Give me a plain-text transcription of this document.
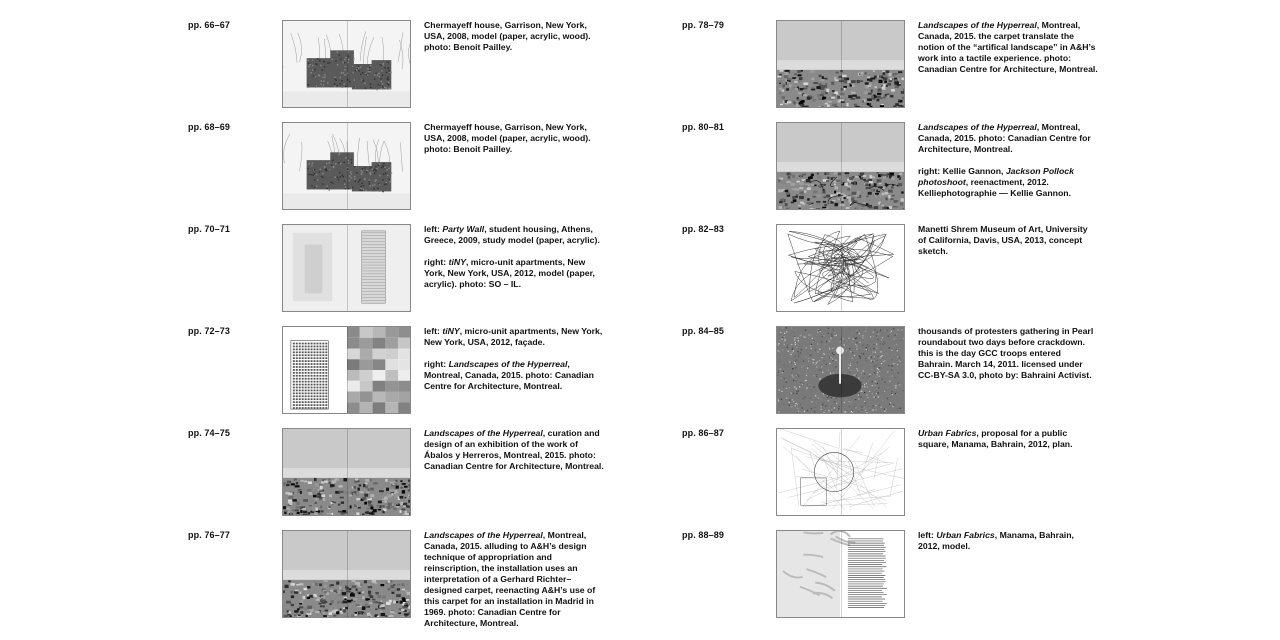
pp. 66–67	Chermayeff house, Garrison, New York, USA, 2008, model (paper, acrylic, wood). photo: Benoit Pailley.

pp. 68–69	Chermayeff house, Garrison, New York, USA, 2008, model (paper, acrylic, wood). photo: Benoit Pailley.

pp. 70–71	left: Party Wall, student housing, Athens, Greece, 2009, study model (paper, acrylic).

right: tiNY, micro-unit apartments, New York, New York, USA, 2012, model (paper, acrylic). photo: SO – IL.

pp. 72–73	left: tiNY, micro-unit apartments, New York, New York, USA, 2012, façade.

right: Landscapes of the Hyperreal, Montreal, Canada, 2015. photo: Canadian Centre for Architecture, Montreal.

pp. 74–75	Landscapes of the Hyperreal, curation and design of an exhibition of the work of Ábalos y Herreros, Montreal, 2015. photo: Canadian Centre for Architecture, Montreal.

pp. 76–77	Landscapes of the Hyperreal, Montreal, Canada, 2015. alluding to A&H’s design technique of appropriation and reinscription, the installation uses an interpretation of a Gerhard Richter–designed carpet, reenacting A&H’s use of this carpet for an installation in Madrid in 1969. photo: Canadian Centre for Architecture, Montreal.

pp. 78–79	Landscapes of the Hyperreal, Montreal, Canada, 2015. the carpet translate the notion of the “artifical landscape” in A&H’s work into a tactile experience. photo: Canadian Centre for Architecture, Montreal.

pp. 80–81	Landscapes of the Hyperreal, Montreal, Canada, 2015. photo: Canadian Centre for Architecture, Montreal.

right: Kellie Gannon, Jackson Pollock photoshoot, reenactment, 2012. Kelliephotographie — Kellie Gannon.

pp. 82–83	Manetti Shrem Museum of Art, University of California, Davis, USA, 2013, concept sketch.

pp. 84–85	thousands of protesters gathering in Pearl roundabout two days before crackdown. this is the day GCC troops entered Bahrain. March 14, 2011. licensed under CC-BY-SA 3.0, photo by: Bahraini Activist.

pp. 86–87	Urban Fabrics, proposal for a public square, Manama, Bahrain, 2012, plan.

pp. 88–89	left: Urban Fabrics, Manama, Bahrain, 2012, model.
